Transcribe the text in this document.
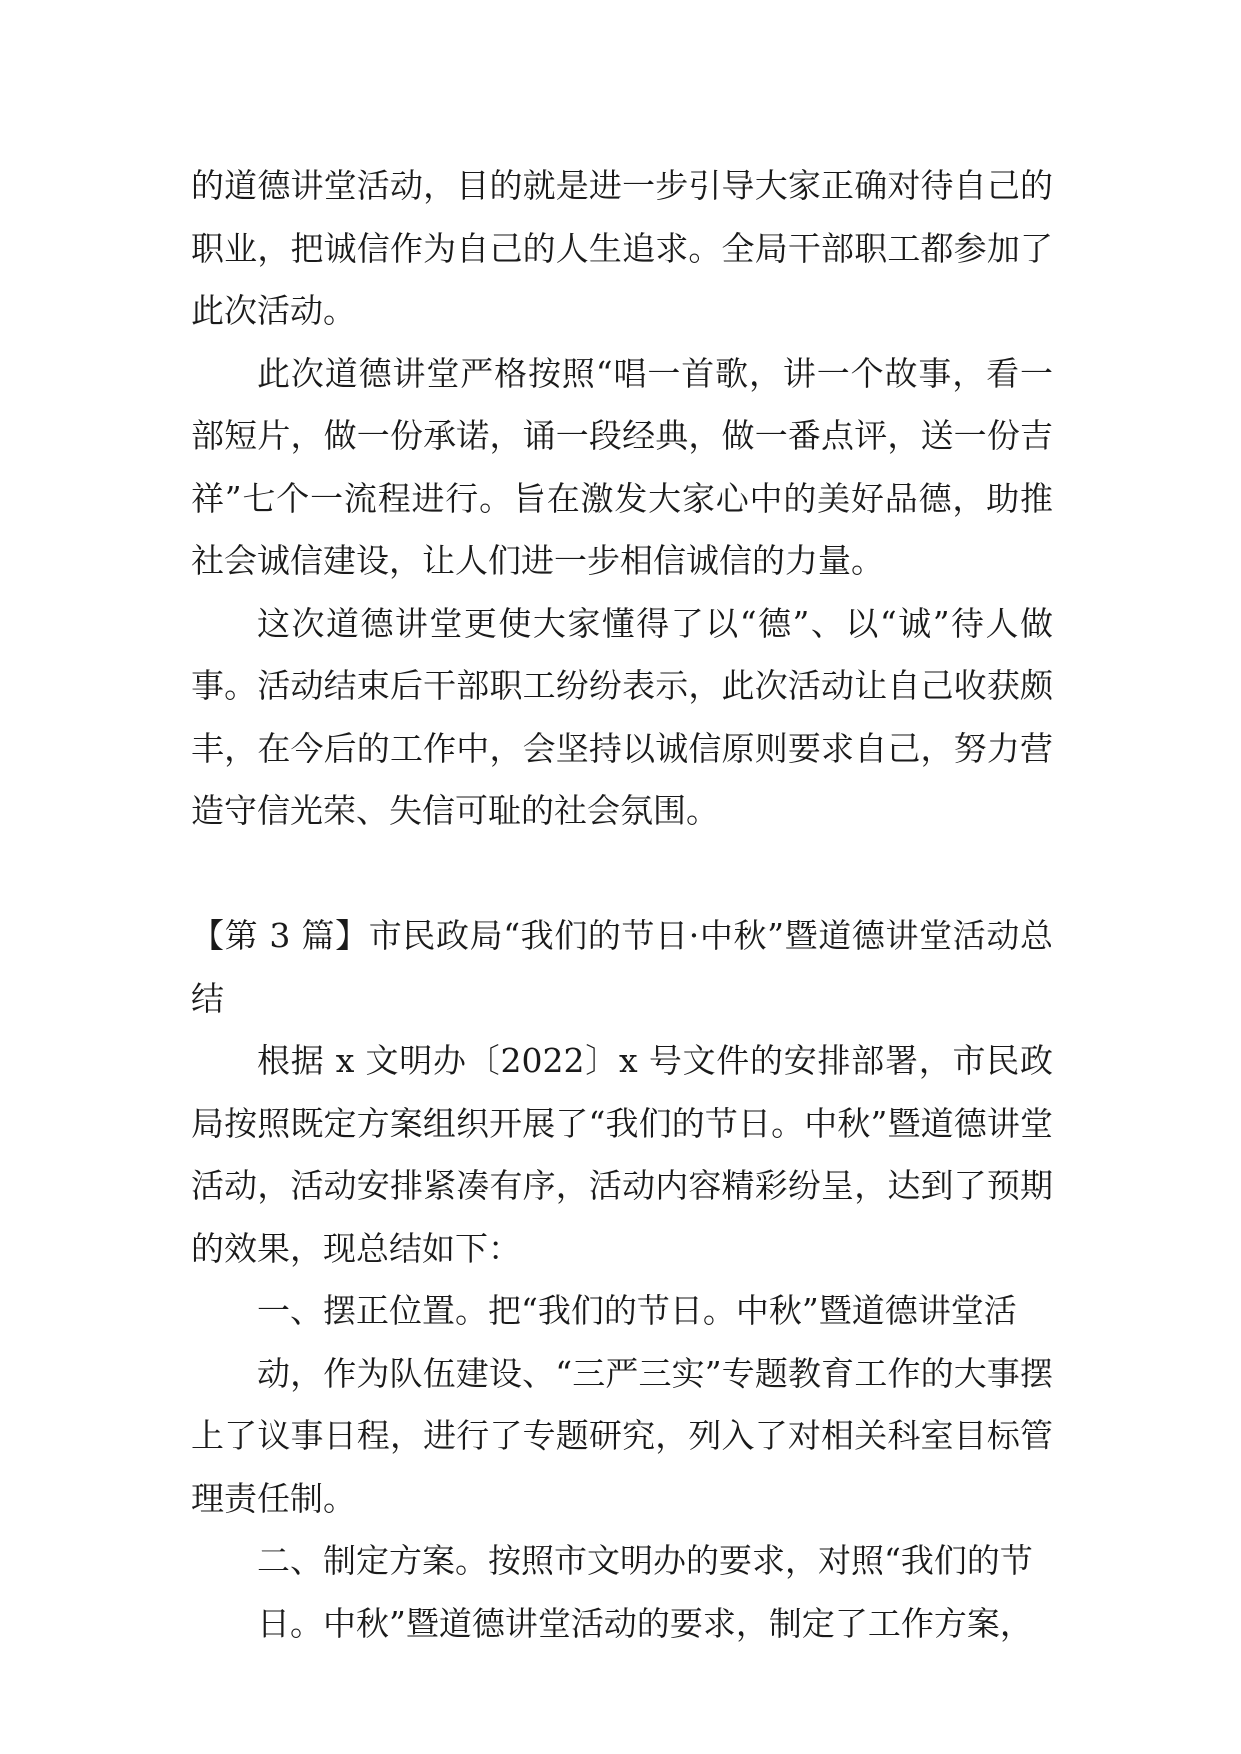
的道德讲堂活动，目的就是进一步引导大家正确对待自己的职业，把诚信作为自己的人生追求。全局干部职工都参加了此次活动。

此次道德讲堂严格按照“唱一首歌，讲一个故事，看一部短片，做一份承诺，诵一段经典，做一番点评，送一份吉祥”七个一流程进行。旨在激发大家心中的美好品德，助推社会诚信建设，让人们进一步相信诚信的力量。

这次道德讲堂更使大家懂得了以“德”、以“诚”待人做事。活动结束后干部职工纷纷表示，此次活动让自己收获颇丰，在今后的工作中，会坚持以诚信原则要求自己，努力营造守信光荣、失信可耻的社会氛围。

【第 3 篇】市民政局“我们的节日·中秋”暨道德讲堂活动总结

根据 x 文明办〔2022〕x 号文件的安排部署，市民政局按照既定方案组织开展了“我们的节日。中秋”暨道德讲堂活动，活动安排紧凑有序，活动内容精彩纷呈，达到了预期的效果，现总结如下：

一、摆正位置。把“我们的节日。中秋”暨道德讲堂活

动，作为队伍建设、“三严三实”专题教育工作的大事摆上了议事日程，进行了专题研究，列入了对相关科室目标管理责任制。

二、制定方案。按照市文明办的要求，对照“我们的节

日。中秋”暨道德讲堂活动的要求，制定了工作方案，
